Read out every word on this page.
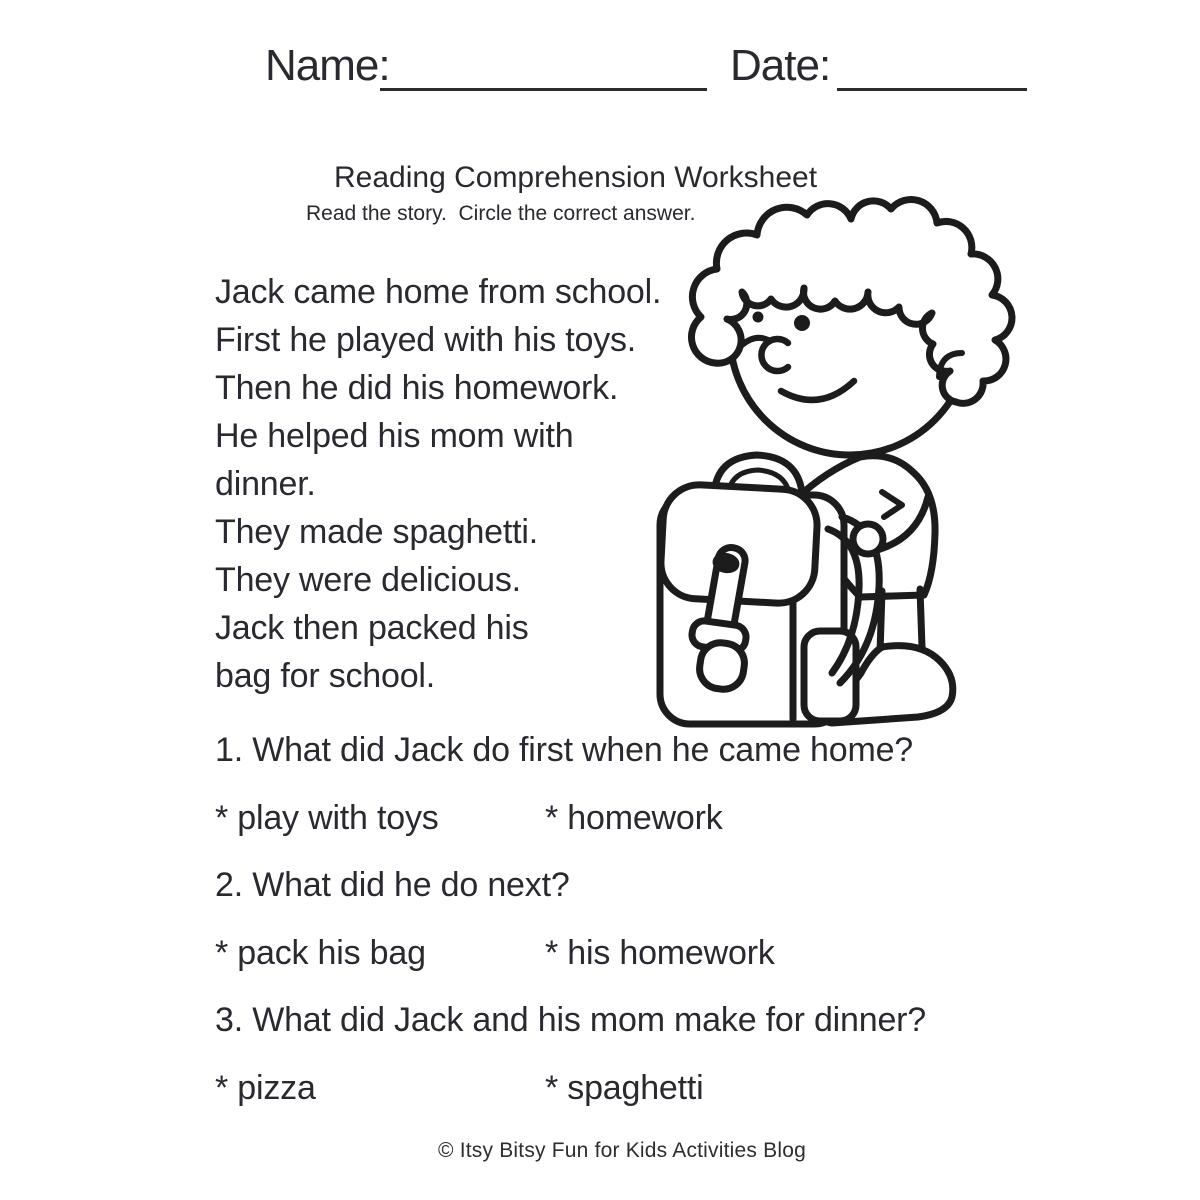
Name:	Date:
Reading Comprehension Worksheet
Read the story.  Circle the correct answer.
Jack came home from school.
First he played with his toys.
Then he did his homework.
He helped his mom with
dinner.
They made spaghetti.
They were delicious.
Jack then packed his
bag for school.
1. What did Jack do first when he came home?
* play with toys	* homework
2. What did he do next?
* pack his bag	* his homework
3. What did Jack and his mom make for dinner?
* pizza	* spaghetti
© Itsy Bitsy Fun for Kids Activities Blog
